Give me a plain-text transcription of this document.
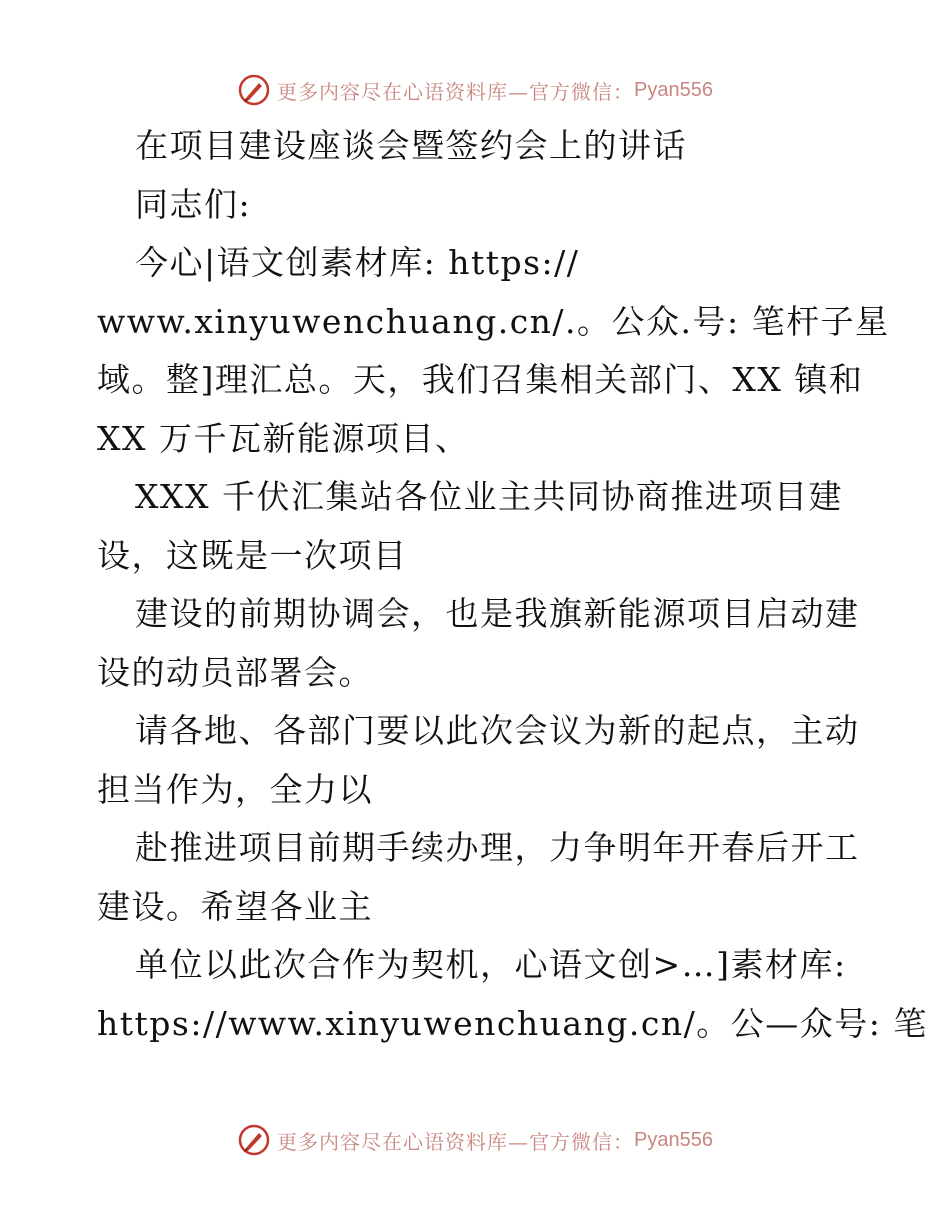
更多内容尽在心语资料库—官方微信： Pyan556
在项目建设座谈会暨签约会上的讲话
同志们:
今心|语文创素材库: https://
www.xinyuwenchuang.cn/.。公众.号: 笔杆子星
域。整]理汇总。天，我们召集相关部门、XX 镇和
XX 万千瓦新能源项目、
XXX 千伏汇集站各位业主共同协商推进项目建
设，这既是一次项目
建设的前期协调会，也是我旗新能源项目启动建
设的动员部署会。
请各地、各部门要以此次会议为新的起点，主动
担当作为，全力以
赴推进项目前期手续办理，力争明年开春后开工
建设。希望各业主
单位以此次合作为契机，心语文创>…]素材库:
https://www.xinyuwenchuang.cn/。公—众号: 笔
更多内容尽在心语资料库—官方微信： Pyan556
